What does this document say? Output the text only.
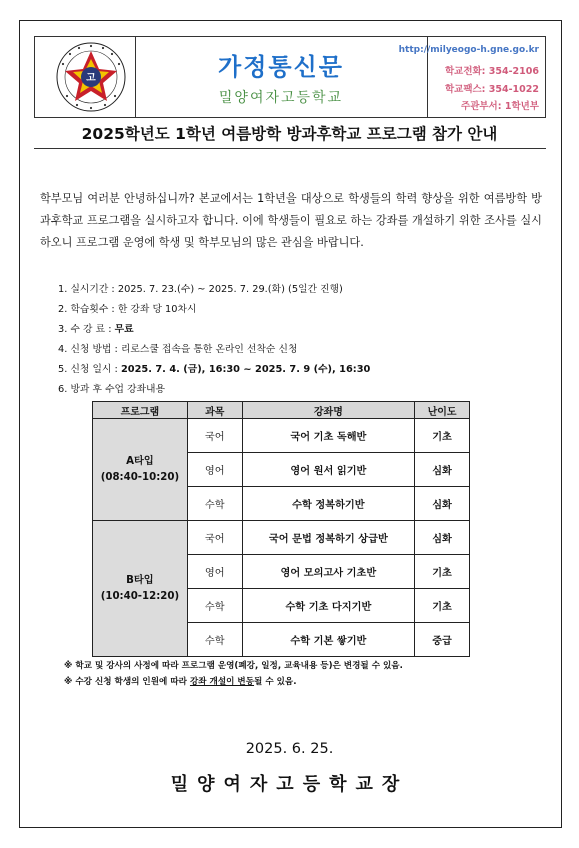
고	가정통신문
밀양여자고등학교
http://milyeogo-h.gne.go.kr
학교전화: 354-2106
학교팩스: 354-1022
주관부서: 1학년부
2025학년도 1학년 여름방학 방과후학교 프로그램 참가 안내
학부모님 여러분 안녕하십니까? 본교에서는 1학년을 대상으로 학생들의 학력 향상을 위한 여름방학 방과후학교 프로그램을 실시하고자 합니다. 이에 학생들이 필요로 하는 강좌를 개설하기 위한 조사를 실시하오니 프로그램 운영에 학생 및 학부모님의 많은 관심을 바랍니다.
1. 실시기간 : 2025. 7. 23.(수) ~ 2025. 7. 29.(화) (5일간 진행)
2. 학습횟수 : 한 강좌 당 10차시
3. 수 강 료 : 무료
4. 신청 방법 : 리로스쿨 접속을 통한 온라인 선착순 신청
5. 신청 일시 : 2025. 7. 4. (금), 16:30 ~ 2025. 7. 9 (수), 16:30
6. 방과 후 수업 강좌내용
프로그램	과목	강좌명	난이도

A타입
(08:40-10:20)	국어	국어 기초 독해반	기초
	영어	영어 원서 읽기반	심화
	수학	수학 정복하기반	심화

B타입
(10:40-12:20)	국어	국어 문법 정복하기 상급반	심화
	영어	영어 모의고사 기초반	기초
	수학	수학 기초 다지기반	기초
	수학	수학 기본 쌓기반	중급
※ 학교 및 강사의 사정에 따라 프로그램 운영(폐강, 일정, 교육내용 등)은 변경될 수 있음.
※ 수강 신청 학생의 인원에 따라 강좌 개설이 변동될 수 있음.
2025. 6. 25.
밀양여자고등학교장
